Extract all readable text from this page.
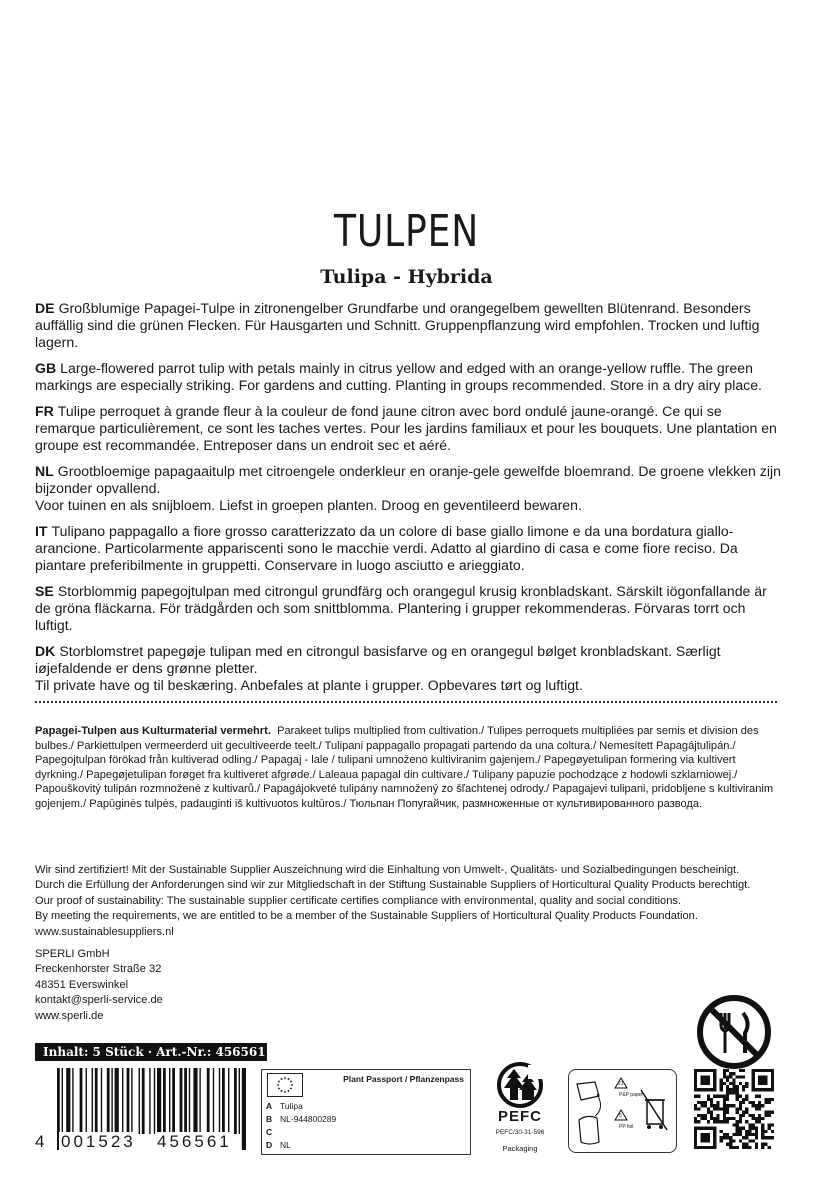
TULPEN
Tulipa - Hybrida
DE Großblumige Papagei-Tulpe in zitronengelber Grundfarbe und orangegelbem gewellten Blütenrand. Besonders auffällig sind die grünen Flecken. Für Hausgarten und Schnitt. Gruppenpflanzung wird empfohlen. Trocken und luftig lagern.
GB Large-flowered parrot tulip with petals mainly in citrus yellow and edged with an orange-yellow ruffle. The green markings are especially striking. For gardens and cutting. Planting in groups recommended. Store in a dry airy place.
FR Tulipe perroquet à grande fleur à la couleur de fond jaune citron avec bord ondulé jaune-orangé. Ce qui se remarque particulièrement, ce sont les taches vertes. Pour les jardins familiaux et pour les bouquets. Une plantation en groupe est recommandée. Entreposer dans un endroit sec et aéré.
NL Grootbloemige papagaaitulp met citroengele onderkleur en oranje-gele gewelfde bloemrand. De groene vlekken zijn bijzonder opvallend.
Voor tuinen en als snijbloem. Liefst in groepen planten. Droog en geventileerd bewaren.
IT Tulipano pappagallo a fiore grosso caratterizzato da un colore di base giallo limone e da una bordatura giallo-arancione. Particolarmente appariscenti sono le macchie verdi. Adatto al giardino di casa e come fiore reciso. Da piantare preferibilmente in gruppetti. Conservare in luogo asciutto e arieggiato.
SE Storblommig papegojtulpan med citrongul grundfärg och orangegul krusig kronbladskant. Särskilt iögonfallande är de gröna fläckarna. För trädgården och som snittblomma. Plantering i grupper rekommenderas. Förvaras torrt och luftigt.
DK Storblomstret papegøje tulipan med en citrongul basisfarve og en orangegul bølget kronbladskant. Særligt iøjefaldende er dens grønne pletter.
Til private have og til beskæring. Anbefales at plante i grupper. Opbevares tørt og luftigt.
Papagei-Tulpen aus Kulturmaterial vermehrt. Parakeet tulips multiplied from cultivation./ Tulipes perroquets multipliées par semis et division des bulbes./ Parkiettulpen vermeerderd uit gecultiveerde teelt./ Tulipani pappagallo propagati partendo da una coltura./ Nemesített Papagájtulipán./ Papegojtulpan förökad från kultiverad odling./ Papagaj - lale / tulipani umnoženo kultiviranim gajenjem./ Papegøyetulipan formering via kultivert dyrkning./ Papegøjetulipan forøget fra kultiveret afgrøde./ Laleaua papagal din cultivare./ Tulipany papuzie pochodzące z hodowli szklarniowej./ Papouškovitý tulipán rozmnožené z kultivarů./ Papagájokveté tulipány namnožený zo šľachtenej odrody./ Papagajevi tulipani, pridobljene s kultiviranim gojenjem./ Papūginės tulpės, padauginti iš kultivuotos kultūros./ Тюльпан Попугайчик, размноженные от культивированного развода.
Wir sind zertifiziert! Mit der Sustainable Supplier Auszeichnung wird die Einhaltung von Umwelt-, Qualitäts- und Sozialbedingungen bescheinigt.
Durch die Erfüllung der Anforderungen sind wir zur Mitgliedschaft in der Stiftung Sustainable Suppliers of Horticultural Quality Products berechtigt.
Our proof of sustainability: The sustainable supplier certificate certifies compliance with environmental, quality and social conditions.
By meeting the requirements, we are entitled to be a member of the Sustainable Suppliers of Horticultural Quality Products Foundation.
www.sustainablesuppliers.nl
SPERLI GmbH
Freckenhorster Straße 32
48351 Everswinkel
kontakt@sperli-service.de
www.sperli.de
Inhalt: 5 Stück · Art.-Nr.: 456561
4 001523 456561
Plant Passport / Pflanzenpass
A Tulipa
B NL-944800289
C
D NL
PEFC
PEFC/30-31-596
Packaging
P&P paper
PP foil
21
5
